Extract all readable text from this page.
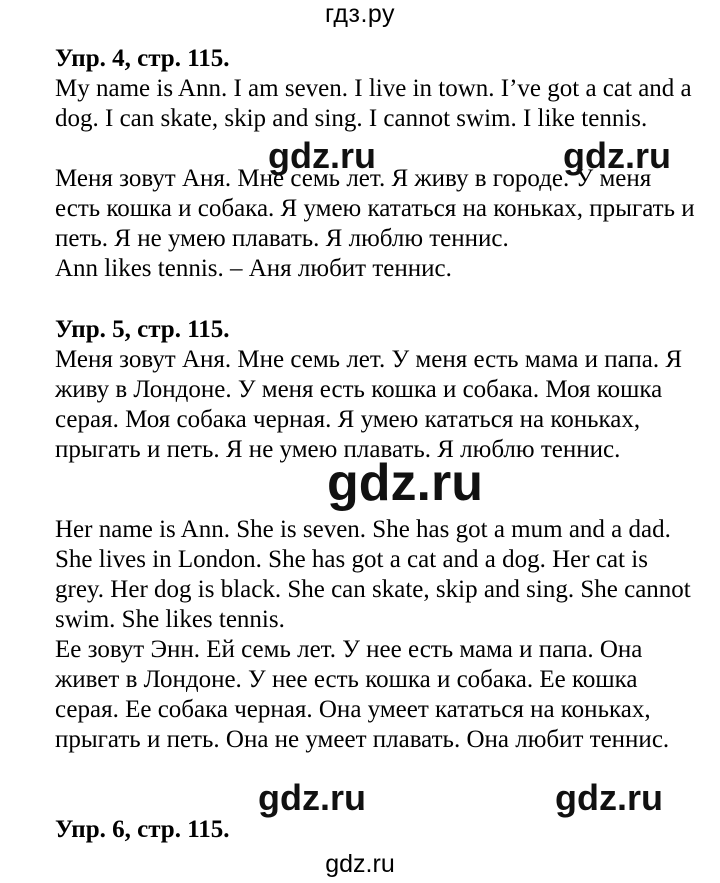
гдз.ру
Упр. 4, стр. 115.

My name is Ann. I am seven. I live in town. I’ve got a cat and a dog. I can skate, skip and sing. I cannot swim. I like tennis.

Меня зовут Аня. Мне семь лет. Я живу в городе. У меня есть кошка и собака. Я умею кататься на коньках, прыгать и петь. Я не умею плавать. Я люблю теннис.

Ann likes tennis. – Аня любит теннис.

Упр. 5, стр. 115.

Меня зовут Аня. Мне семь лет. У меня есть мама и папа. Я живу в Лондоне. У меня есть кошка и собака. Моя кошка серая. Моя собака черная. Я умею кататься на коньках, прыгать и петь. Я не умею плавать. Я люблю теннис.

Her name is Ann. She is seven. She has got a mum and a dad. She lives in London. She has got a cat and a dog. Her cat is grey. Her dog is black. She can skate, skip and sing. She cannot swim. She likes tennis.

Ее зовут Энн. Ей семь лет. У нее есть мама и папа. Она живет в Лондоне. У нее есть кошка и собака. Ее кошка серая. Ее собака черная. Она умеет кататься на коньках, прыгать и петь. Она не умеет плавать. Она любит теннис.

Упр. 6, стр. 115.
gdz.ru	gdz.ru
gdz.ru
gdz.ru	gdz.ru
gdz.ru
